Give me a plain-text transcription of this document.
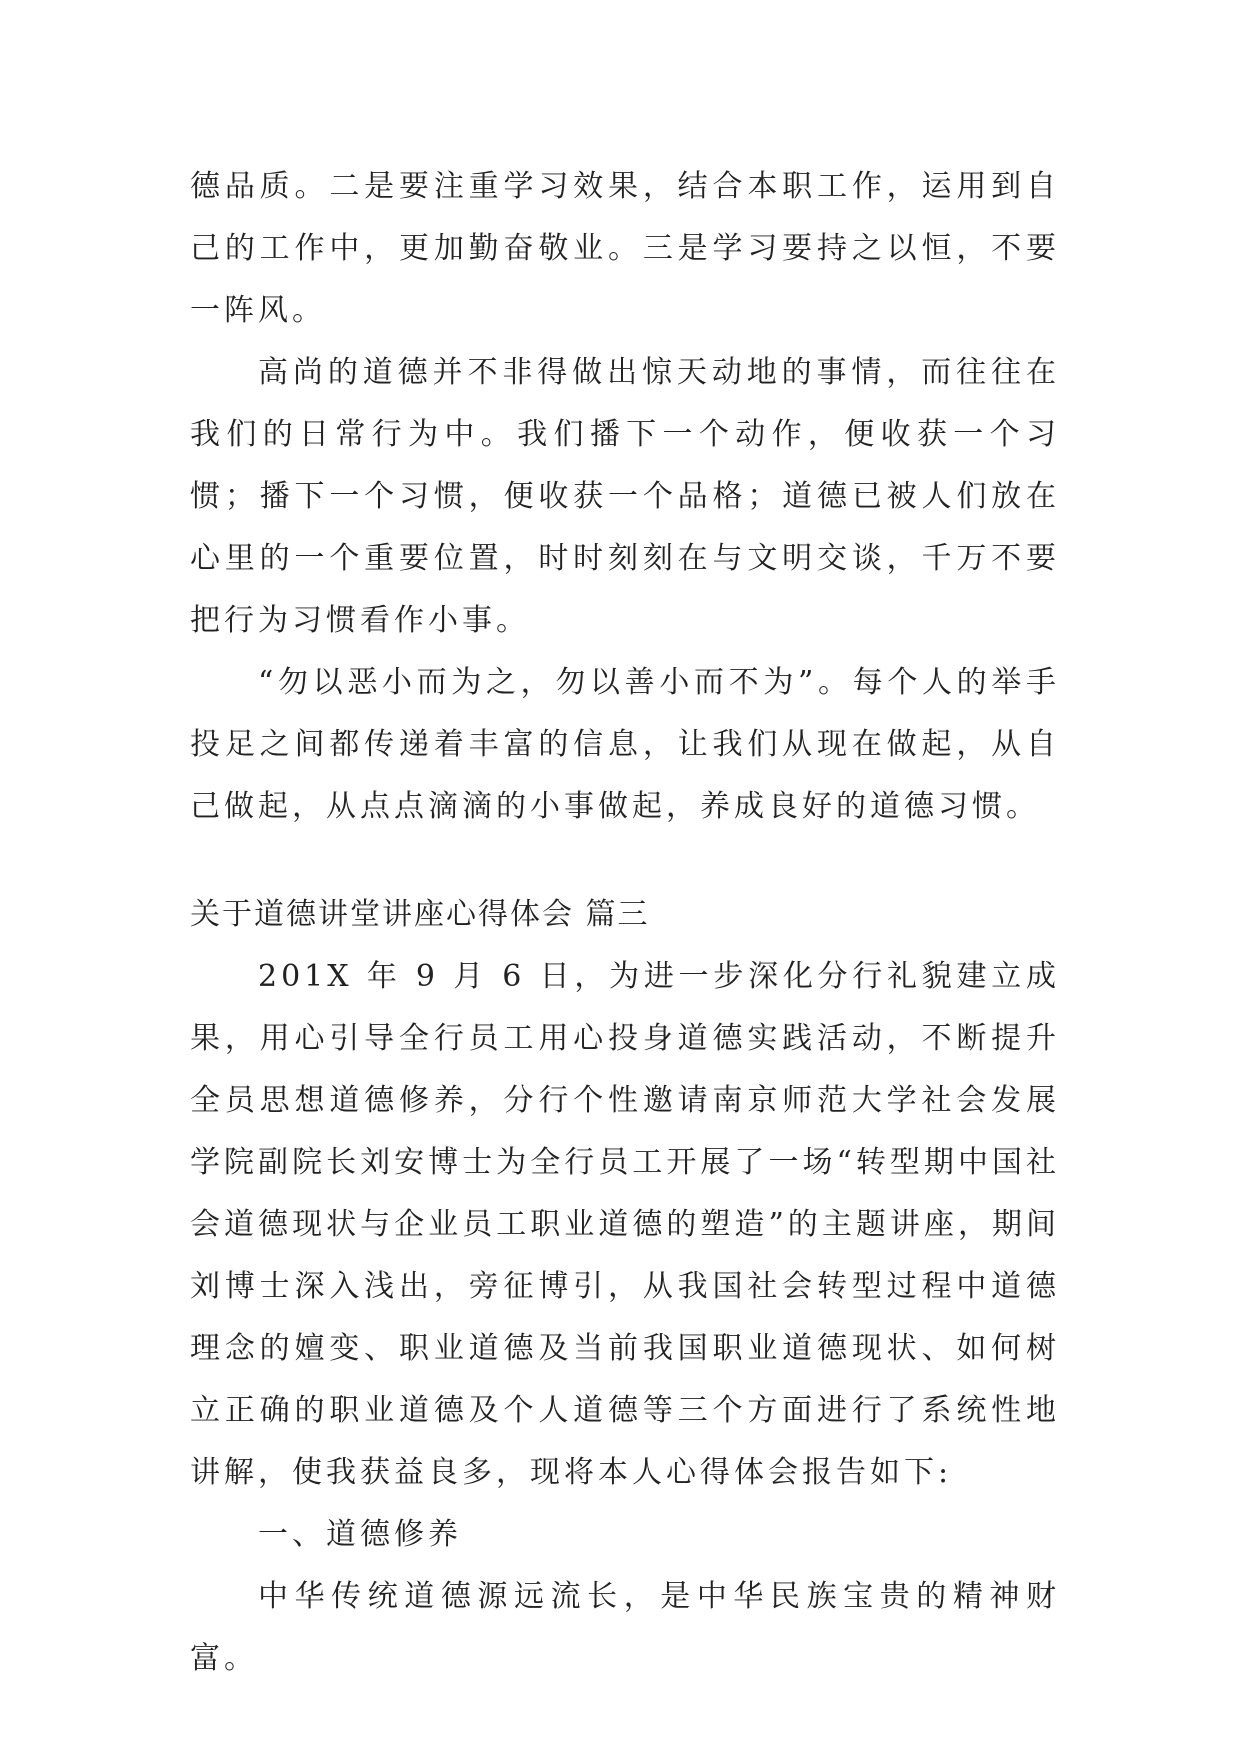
德品质。二是要注重学习效果，结合本职工作，运用到自己的工作中，更加勤奋敬业。三是学习要持之以恒，不要一阵风。

高尚的道德并不非得做出惊天动地的事情，而往往在我们的日常行为中。我们播下一个动作，便收获一个习惯；播下一个习惯，便收获一个品格；道德已被人们放在心里的一个重要位置，时时刻刻在与文明交谈，千万不要把行为习惯看作小事。

“勿以恶小而为之，勿以善小而不为”。每个人的举手投足之间都传递着丰富的信息，让我们从现在做起，从自己做起，从点点滴滴的小事做起，养成良好的道德习惯。

关于道德讲堂讲座心得体会 篇三

201X 年 9 月 6 日，为进一步深化分行礼貌建立成果，用心引导全行员工用心投身道德实践活动，不断提升全员思想道德修养，分行个性邀请南京师范大学社会发展学院副院长刘安博士为全行员工开展了一场“转型期中国社会道德现状与企业员工职业道德的塑造”的主题讲座，期间刘博士深入浅出，旁征博引，从我国社会转型过程中道德理念的嬗变、职业道德及当前我国职业道德现状、如何树立正确的职业道德及个人道德等三个方面进行了系统性地讲解，使我获益良多，现将本人心得体会报告如下:

一、道德修养

中华传统道德源远流长，是中华民族宝贵的精神财富。
